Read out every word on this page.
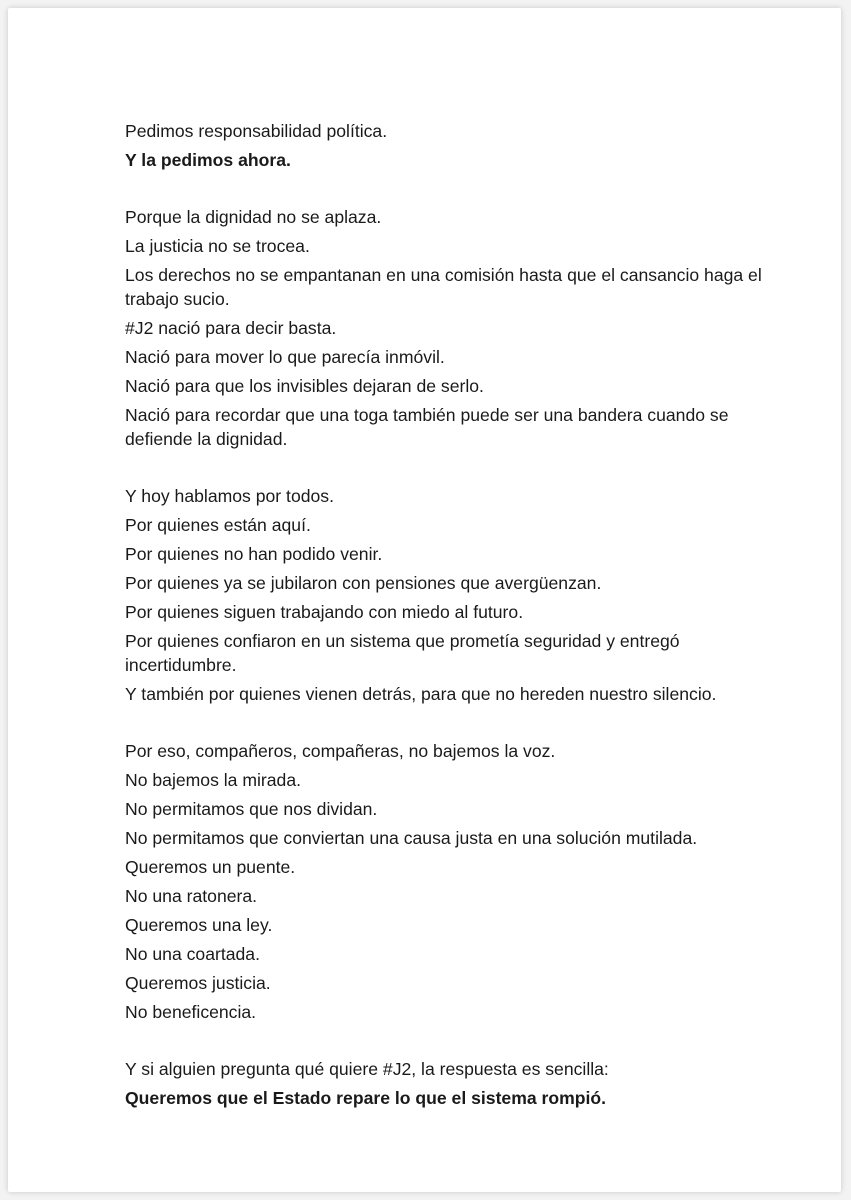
Pedimos responsabilidad política.
Y la pedimos ahora.
Porque la dignidad no se aplaza.
La justicia no se trocea.
Los derechos no se empantanan en una comisión hasta que el cansancio haga el trabajo sucio.
#J2 nació para decir basta.
Nació para mover lo que parecía inmóvil.
Nació para que los invisibles dejaran de serlo.
Nació para recordar que una toga también puede ser una bandera cuando se defiende la dignidad.
Y hoy hablamos por todos.
Por quienes están aquí.
Por quienes no han podido venir.
Por quienes ya se jubilaron con pensiones que avergüenzan.
Por quienes siguen trabajando con miedo al futuro.
Por quienes confiaron en un sistema que prometía seguridad y entregó incertidumbre.
Y también por quienes vienen detrás, para que no hereden nuestro silencio.
Por eso, compañeros, compañeras, no bajemos la voz.
No bajemos la mirada.
No permitamos que nos dividan.
No permitamos que conviertan una causa justa en una solución mutilada.
Queremos un puente.
No una ratonera.
Queremos una ley.
No una coartada.
Queremos justicia.
No beneficencia.
Y si alguien pregunta qué quiere #J2, la respuesta es sencilla:
Queremos que el Estado repare lo que el sistema rompió.
